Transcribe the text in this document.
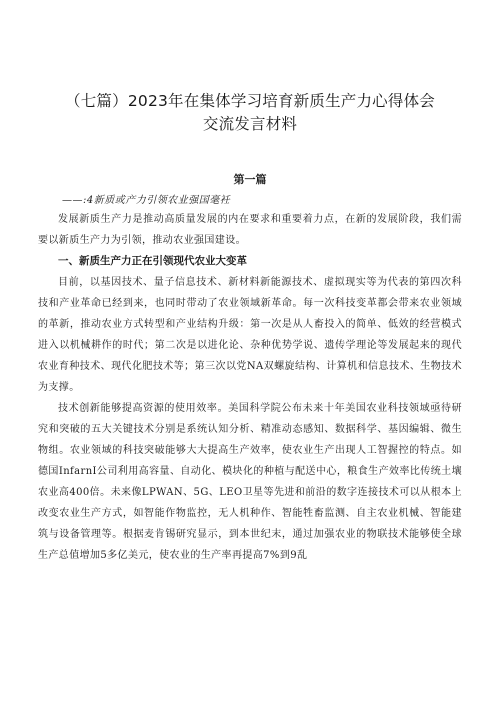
（七篇）2023年在集体学习培育新质生产力心得体会
交流发言材料
第一篇
——:4新质或产力引领农业强国毫衽

发展新质生产力是推动高质量发展的内在要求和重要着力点，在新的发展阶段，我们需要以新质生产力为引领，推动农业强国建设。

一、新质生产力正在引领现代农业大变革

目前，以基因技术、量子信息技术、新材料新能源技术、虚拟现实等为代表的第四次科技和产业革命已经到来，也同时带动了农业领域新革命。每一次科技变革都会带来农业领域的革新，推动农业方式转型和产业结构升级：第一次是从人畜投入的简单、低效的经营模式进入以机械耕作的时代；第二次是以进化论、杂种优势学说、遗传学理论等发展起来的现代农业育种技术、现代化肥技术等；第三次以党NA双螺旋结构、计算机和信息技术、生物技术为支撑。

技术创新能够提高资源的使用效率。美国科学院公布未来十年美国农业科技领域亟待研究和突破的五大关键技术分别是系统认知分析、精准动态感知、数据科学、基因编辑、微生物组。农业领域的科技突破能够大大提高生产效率，使农业生产出现人工智握控的特点。如德国InfarnI公司利用高容量、自动化、模块化的种植与配送中心，粮食生产效率比传统土壤农业高400倍。未来像LPWAN、5G、LEO卫星等先进和前沿的数字连接技术可以从根本上改变农业生产方式，如智能作物监控，无人机种作、智能牲畜监测、自主农业机械、智能建筑与设备管理等。根据麦肯锡研究显示，到本世纪末，通过加强农业的物联技术能够使全球生产总值增加5多亿美元，使农业的生产率再提高7%到9乱
